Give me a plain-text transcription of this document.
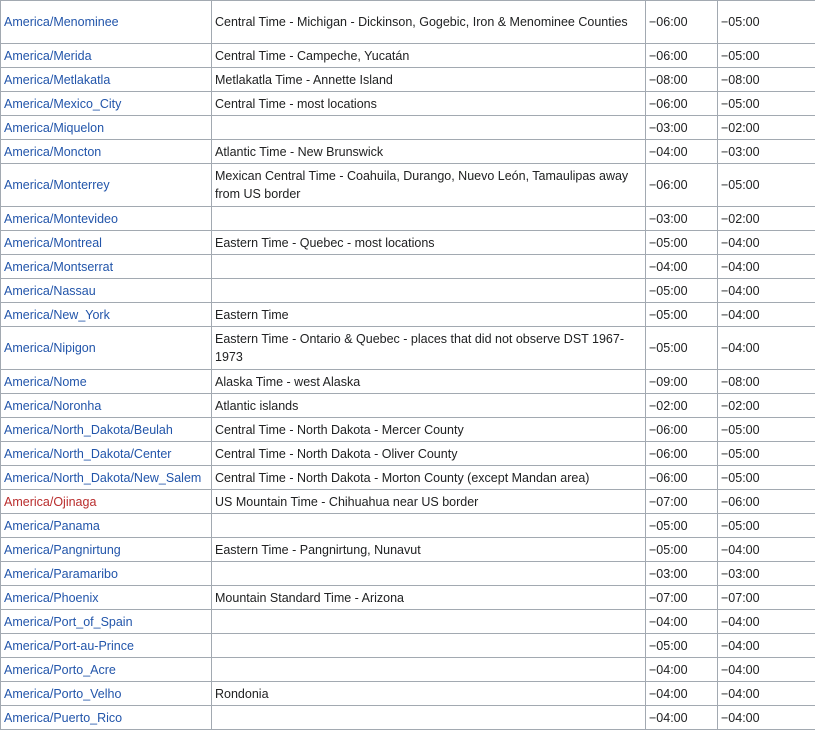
America/Menominee	Central Time - Michigan - Dickinson, Gogebic, Iron & Menominee Counties	−06:00	−05:00
America/Merida	Central Time - Campeche, Yucatán	−06:00	−05:00
America/Metlakatla	Metlakatla Time - Annette Island	−08:00	−08:00
America/Mexico_City	Central Time - most locations	−06:00	−05:00
America/Miquelon		−03:00	−02:00
America/Moncton	Atlantic Time - New Brunswick	−04:00	−03:00
America/Monterrey	Mexican Central Time - Coahuila, Durango, Nuevo León, Tamaulipas away from US border	−06:00	−05:00
America/Montevideo		−03:00	−02:00
America/Montreal	Eastern Time - Quebec - most locations	−05:00	−04:00
America/Montserrat		−04:00	−04:00
America/Nassau		−05:00	−04:00
America/New_York	Eastern Time	−05:00	−04:00
America/Nipigon	Eastern Time - Ontario & Quebec - places that did not observe DST 1967-1973	−05:00	−04:00
America/Nome	Alaska Time - west Alaska	−09:00	−08:00
America/Noronha	Atlantic islands	−02:00	−02:00
America/North_Dakota/Beulah	Central Time - North Dakota - Mercer County	−06:00	−05:00
America/North_Dakota/Center	Central Time - North Dakota - Oliver County	−06:00	−05:00
America/North_Dakota/New_Salem	Central Time - North Dakota - Morton County (except Mandan area)	−06:00	−05:00
America/Ojinaga	US Mountain Time - Chihuahua near US border	−07:00	−06:00
America/Panama		−05:00	−05:00
America/Pangnirtung	Eastern Time - Pangnirtung, Nunavut	−05:00	−04:00
America/Paramaribo		−03:00	−03:00
America/Phoenix	Mountain Standard Time - Arizona	−07:00	−07:00
America/Port_of_Spain		−04:00	−04:00
America/Port-au-Prince		−05:00	−04:00
America/Porto_Acre		−04:00	−04:00
America/Porto_Velho	Rondonia	−04:00	−04:00
America/Puerto_Rico		−04:00	−04:00
